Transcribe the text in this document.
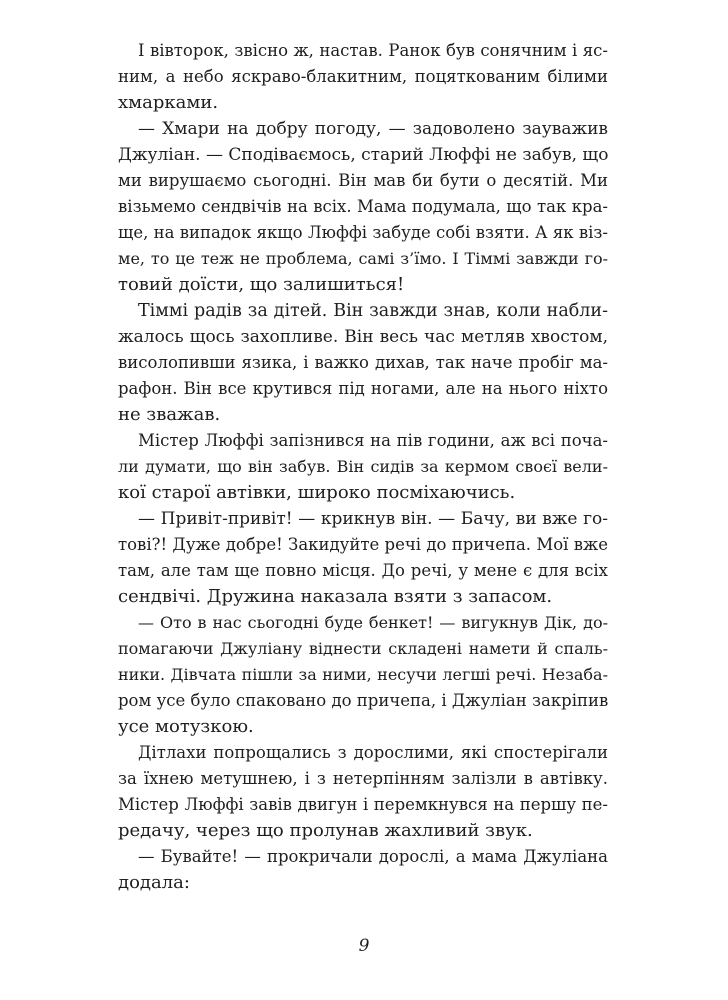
І вівторок, звісно ж, настав. Ранок був сонячним і яс-
ним, а небо яскраво-блакитним, поцяткованим білими
хмарками.
— Хмари на добру погоду, — задоволено зауважив
Джуліан. — Сподіваємось, старий Люффі не забув, що
ми вирушаємо сьогодні. Він мав би бути о десятій. Ми
візьмемо сендвічів на всіх. Мама подумала, що так кра-
ще, на випадок якщо Люффі забуде собі взяти. А як віз-
ме, то це теж не проблема, самі з’їмо. І Тіммі завжди го-
товий доїсти, що залишиться!
Тіммі радів за дітей. Він завжди знав, коли набли-
жалось щось захопливе. Він весь час метляв хвостом,
висолопивши язика, і важко дихав, так наче пробіг ма-
рафон. Він все крутився під ногами, але на нього ніхто
не зважав.
Містер Люффі запізнився на пів години, аж всі поча-
ли думати, що він забув. Він сидів за кермом своєї вели-
кої старої автівки, широко посміхаючись.
— Привіт-привіт! — крикнув він. — Бачу, ви вже го-
тові?! Дуже добре! Закидуйте речі до причепа. Мої вже
там, але там ще повно місця. До речі, у мене є для всіх
сендвічі. Дружина наказала взяти з запасом.
— Ото в нас сьогодні буде бенкет! — вигукнув Дік, до-
помагаючи Джуліану віднести складені намети й спаль-
ники. Дівчата пішли за ними, несучи легші речі. Незаба-
ром усе було спаковано до причепа, і Джуліан закріпив
усе мотузкою.
Дітлахи попрощались з дорослими, які спостерігали
за їхнею метушнею, і з нетерпінням залізли в автівку.
Містер Люффі завів двигун і перемкнувся на першу пе-
редачу, через що пролунав жахливий звук.
— Бувайте! — прокричали дорослі, а мама Джуліана
додала:
9
